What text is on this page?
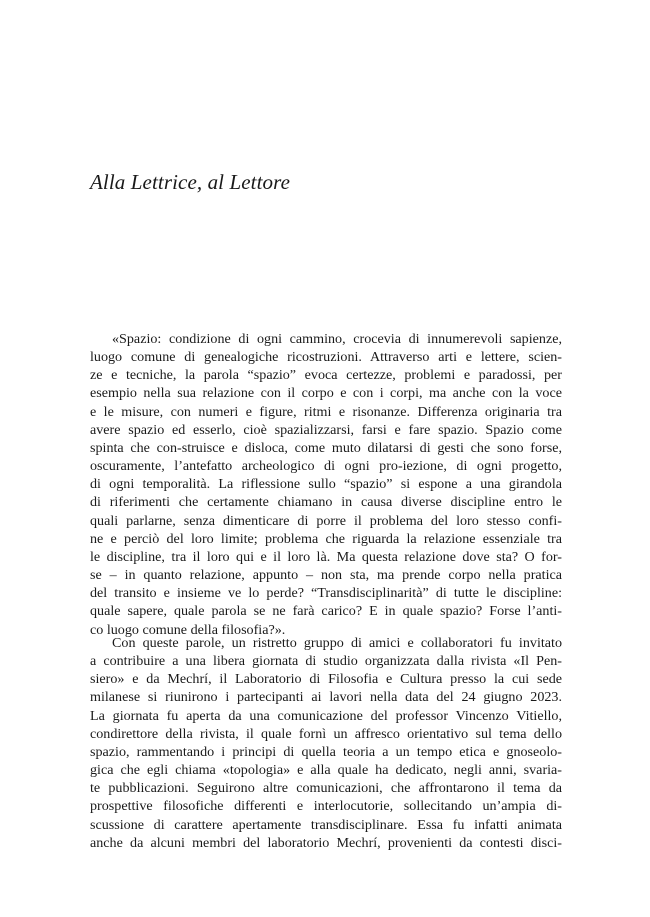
Alla Lettrice, al Lettore
«Spazio: condizione di ogni cammino, crocevia di innumerevoli sapienze,
luogo comune di genealogiche ricostruzioni. Attraverso arti e lettere, scien-
ze e tecniche, la parola “spazio” evoca certezze, problemi e paradossi, per
esempio nella sua relazione con il corpo e con i corpi, ma anche con la voce
e le misure, con numeri e figure, ritmi e risonanze. Differenza originaria tra
avere spazio ed esserlo, cioè spazializzarsi, farsi e fare spazio. Spazio come
spinta che con-struisce e disloca, come muto dilatarsi di gesti che sono forse,
oscuramente, l’antefatto archeologico di ogni pro-iezione, di ogni progetto,
di ogni temporalità. La riflessione sullo “spazio” si espone a una girandola
di riferimenti che certamente chiamano in causa diverse discipline entro le
quali parlarne, senza dimenticare di porre il problema del loro stesso confi-
ne e perciò del loro limite; problema che riguarda la relazione essenziale tra
le discipline, tra il loro qui e il loro là. Ma questa relazione dove sta? O for-
se – in quanto relazione, appunto – non sta, ma prende corpo nella pratica
del transito e insieme ve lo perde? “Transdisciplinarità” di tutte le discipline:
quale sapere, quale parola se ne farà carico? E in quale spazio? Forse l’anti-
co luogo comune della filosofia?».
Con queste parole, un ristretto gruppo di amici e collaboratori fu invitato
a contribuire a una libera giornata di studio organizzata dalla rivista «Il Pen-
siero» e da Mechrí, il Laboratorio di Filosofia e Cultura presso la cui sede
milanese si riunirono i partecipanti ai lavori nella data del 24 giugno 2023.
La giornata fu aperta da una comunicazione del professor Vincenzo Vitiello,
condirettore della rivista, il quale fornì un affresco orientativo sul tema dello
spazio, rammentando i principi di quella teoria a un tempo etica e gnoseolo-
gica che egli chiama «topologia» e alla quale ha dedicato, negli anni, svaria-
te pubblicazioni. Seguirono altre comunicazioni, che affrontarono il tema da
prospettive filosofiche differenti e interlocutorie, sollecitando un’ampia di-
scussione di carattere apertamente transdisciplinare. Essa fu infatti animata
anche da alcuni membri del laboratorio Mechrí, provenienti da contesti disci-
